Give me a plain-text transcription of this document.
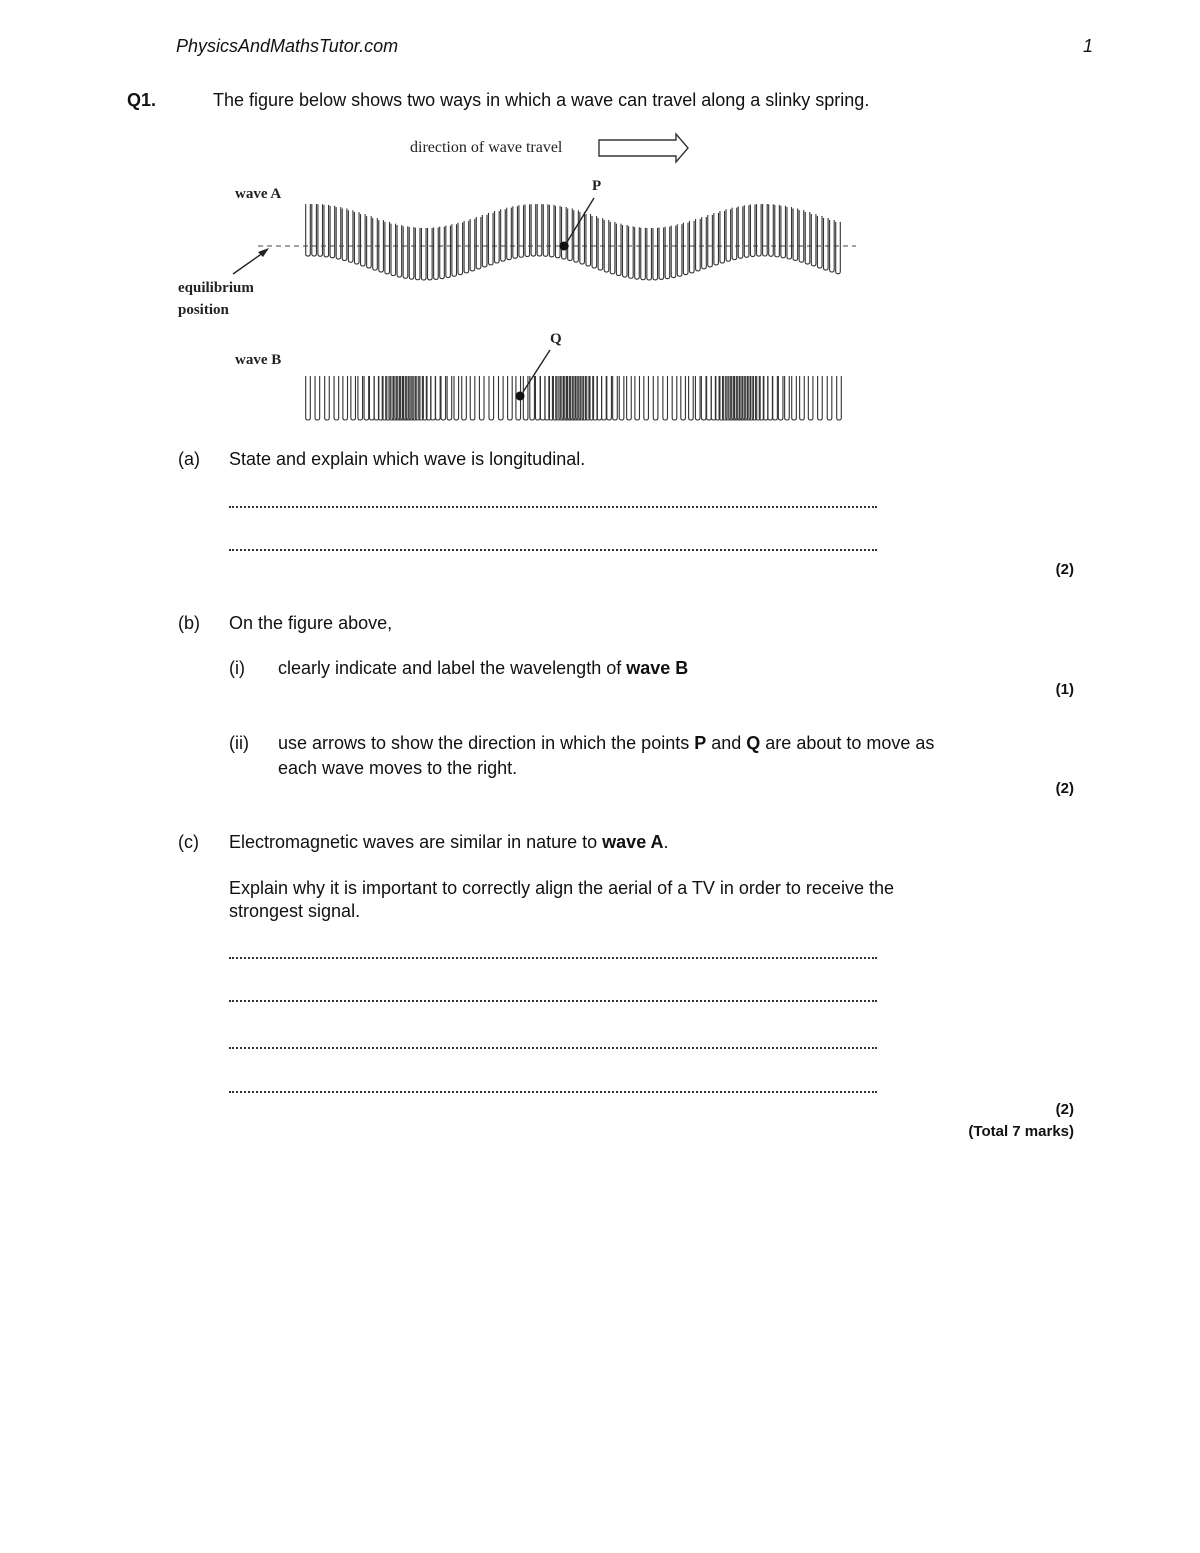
PhysicsAndMathsTutor.com	1
Q1.	The figure below shows two ways in which a wave can travel along a slinky spring.
direction of wave travel
wave A
wave B
P
Q
equilibrium
position
(a) State and explain which wave is longitudinal.
(2)
(b) On the figure above,
(i) clearly indicate and label the wavelength of wave B
(1)
(ii) use arrows to show the direction in which the points P and Q are about to move as
each wave moves to the right.
(2)
(c) Electromagnetic waves are similar in nature to wave A.
Explain why it is important to correctly align the aerial of a TV in order to receive the
strongest signal.
(2)
(Total 7 marks)
